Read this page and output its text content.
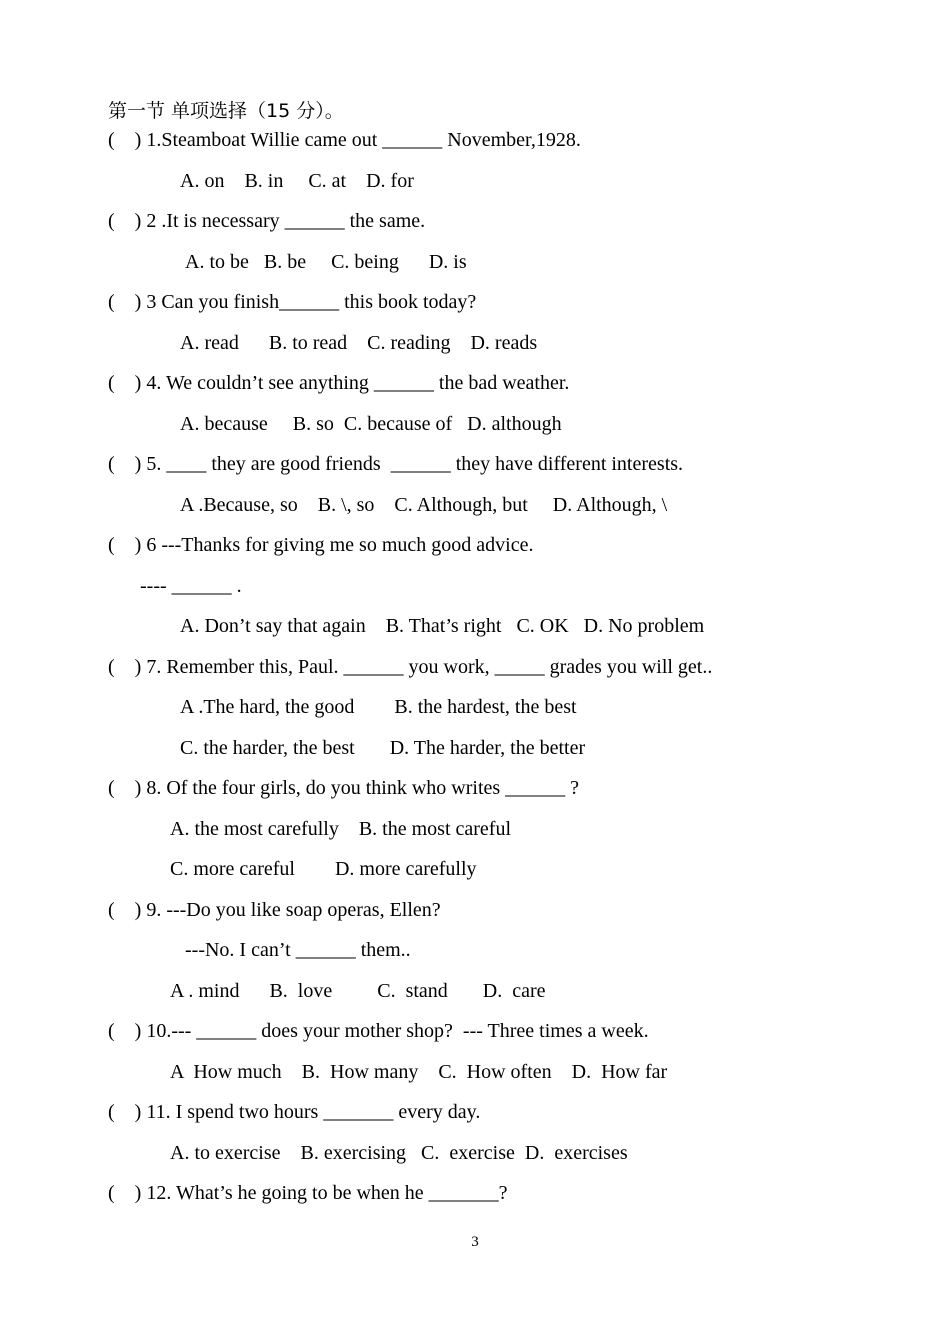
第一节 单项选择（15 分）。
(    ) 1.Steamboat Willie came out ______ November,1928.
A. on    B. in     C. at    D. for
(    ) 2 .It is necessary ______ the same.
A. to be   B. be     C. being      D. is
(    ) 3 Can you finish______ this book today?
A. read      B. to read    C. reading    D. reads
(    ) 4. We couldn’t see anything ______ the bad weather.
A. because     B. so  C. because of   D. although
(    ) 5. ____ they are good friends  ______ they have different interests.
A .Because, so    B. \, so    C. Although, but     D. Although, \
(    ) 6 ---Thanks for giving me so much good advice.
---- ______ .
A. Don’t say that again    B. That’s right   C. OK   D. No problem
(    ) 7. Remember this, Paul. ______ you work, _____ grades you will get..
A .The hard, the good        B. the hardest, the best
C. the harder, the best       D. The harder, the better
(    ) 8. Of the four girls, do you think who writes ______ ?
A. the most carefully    B. the most careful
C. more careful        D. more carefully
(    ) 9. ---Do you like soap operas, Ellen?
---No. I can’t ______ them..
A . mind      B.  love         C.  stand       D.  care
(    ) 10.--- ______ does your mother shop?  --- Three times a week.
A  How much    B.  How many    C.  How often    D.  How far
(    ) 11. I spend two hours _______ every day.
A. to exercise    B. exercising   C.  exercise  D.  exercises
(    ) 12. What’s he going to be when he _______?
3
